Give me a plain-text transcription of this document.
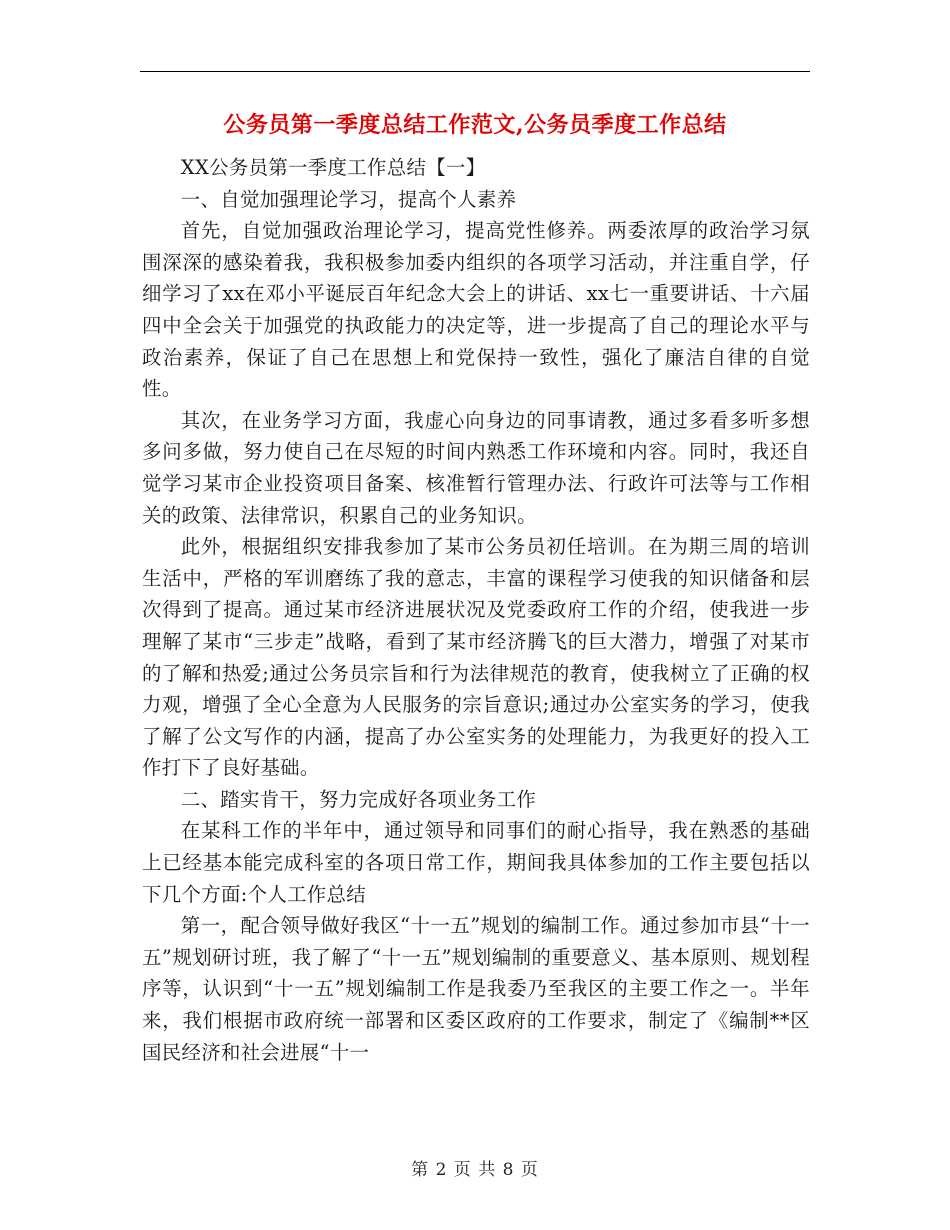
公务员第一季度总结工作范文,公务员季度工作总结

XX公务员第一季度工作总结【一】

一、自觉加强理论学习，提高个人素养

首先，自觉加强政治理论学习，提高党性修养。两委浓厚的政治学习氛围深深的感染着我，我积极参加委内组织的各项学习活动，并注重自学，仔细学习了xx在邓小平诞辰百年纪念大会上的讲话、xx七一重要讲话、十六届四中全会关于加强党的执政能力的决定等，进一步提高了自己的理论水平与政治素养，保证了自己在思想上和党保持一致性，强化了廉洁自律的自觉性。

其次，在业务学习方面，我虚心向身边的同事请教，通过多看多听多想多问多做，努力使自己在尽短的时间内熟悉工作环境和内容。同时，我还自觉学习某市企业投资项目备案、核准暂行管理办法、行政许可法等与工作相关的政策、法律常识，积累自己的业务知识。

此外，根据组织安排我参加了某市公务员初任培训。在为期三周的培训生活中，严格的军训磨练了我的意志，丰富的课程学习使我的知识储备和层次得到了提高。通过某市经济进展状况及党委政府工作的介绍，使我进一步理解了某市“三步走”战略，看到了某市经济腾飞的巨大潜力，增强了对某市的了解和热爱;通过公务员宗旨和行为法律规范的教育，使我树立了正确的权力观，增强了全心全意为人民服务的宗旨意识;通过办公室实务的学习，使我了解了公文写作的内涵，提高了办公室实务的处理能力，为我更好的投入工作打下了良好基础。

二、踏实肯干，努力完成好各项业务工作

在某科工作的半年中，通过领导和同事们的耐心指导，我在熟悉的基础上已经基本能完成科室的各项日常工作，期间我具体参加的工作主要包括以下几个方面:个人工作总结

第一，配合领导做好我区“十一五”规划的编制工作。通过参加市县“十一五”规划研讨班，我了解了“十一五”规划编制的重要意义、基本原则、规划程序等，认识到“十一五”规划编制工作是我委乃至我区的主要工作之一。半年来，我们根据市政府统一部署和区委区政府的工作要求，制定了《编制**区国民经济和社会进展“十一

第 2 页 共 8 页
